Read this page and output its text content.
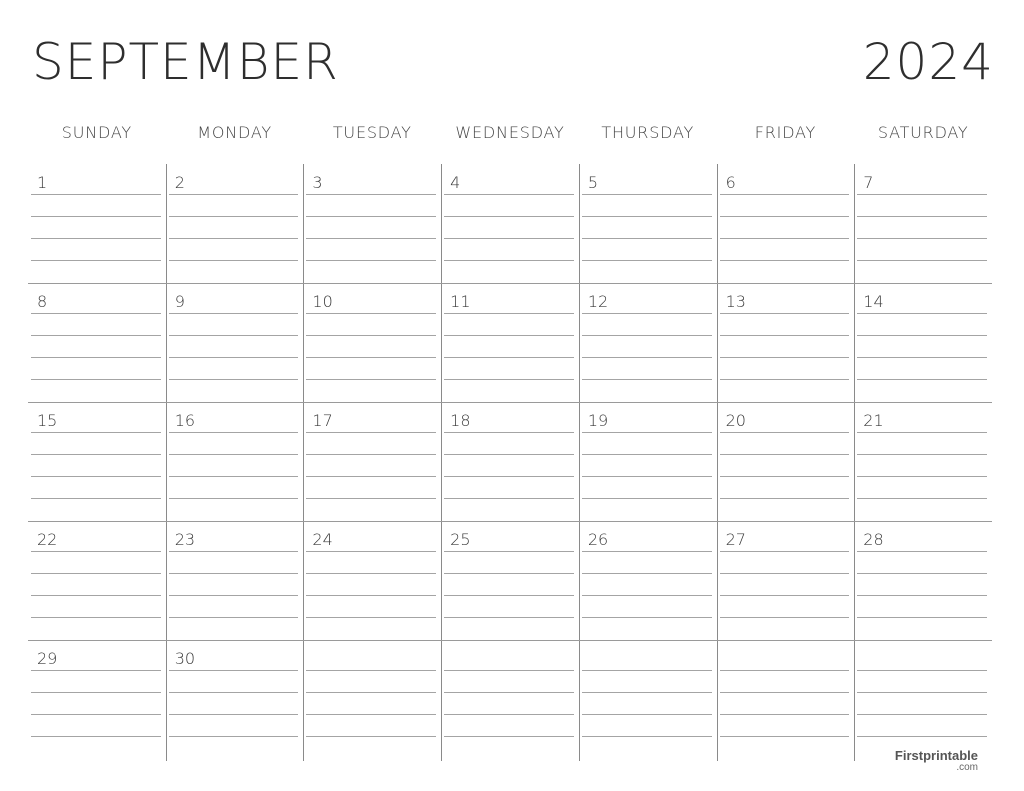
SEPTEMBER	2024
SUNDAY	MONDAY	TUESDAY	WEDNESDAY	THURSDAY	FRIDAY	SATURDAY
1	2	3	4	5	6	7
8	9	10	11	12	13	14
15	16	17	18	19	20	21
22	23	24	25	26	27	28
29	30
Firstprintable
.com
